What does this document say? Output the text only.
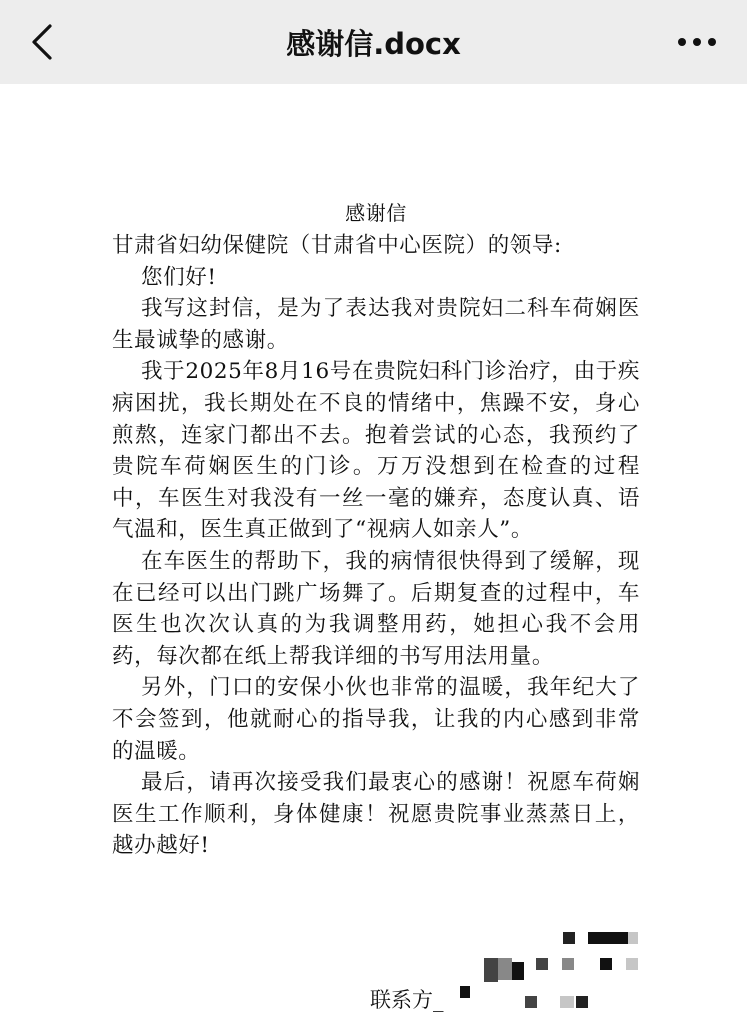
感谢信.docx
感谢信

甘肃省妇幼保健院（甘肃省中心医院）的领导:

您们好!

我写这封信，是为了表达我对贵院妇二科车荷娴医生最诚挚的感谢。

我于2025年8月16号在贵院妇科门诊治疗，由于疾病困扰，我长期处在不良的情绪中，焦躁不安，身心煎熬，连家门都出不去。抱着尝试的心态，我预约了贵院车荷娴医生的门诊。万万没想到在检查的过程中，车医生对我没有一丝一毫的嫌弃，态度认真、语气温和，医生真正做到了“视病人如亲人”。

在车医生的帮助下，我的病情很快得到了缓解，现在已经可以出门跳广场舞了。后期复查的过程中，车医生也次次认真的为我调整用药，她担心我不会用药，每次都在纸上帮我详细的书写用法用量。

另外，门口的安保小伙也非常的温暖，我年纪大了不会签到，他就耐心的指导我，让我的内心感到非常的温暖。

最后，请再次接受我们最衷心的感谢！祝愿车荷娴医生工作顺利，身体健康！祝愿贵院事业蒸蒸日上，越办越好!

联系方_
